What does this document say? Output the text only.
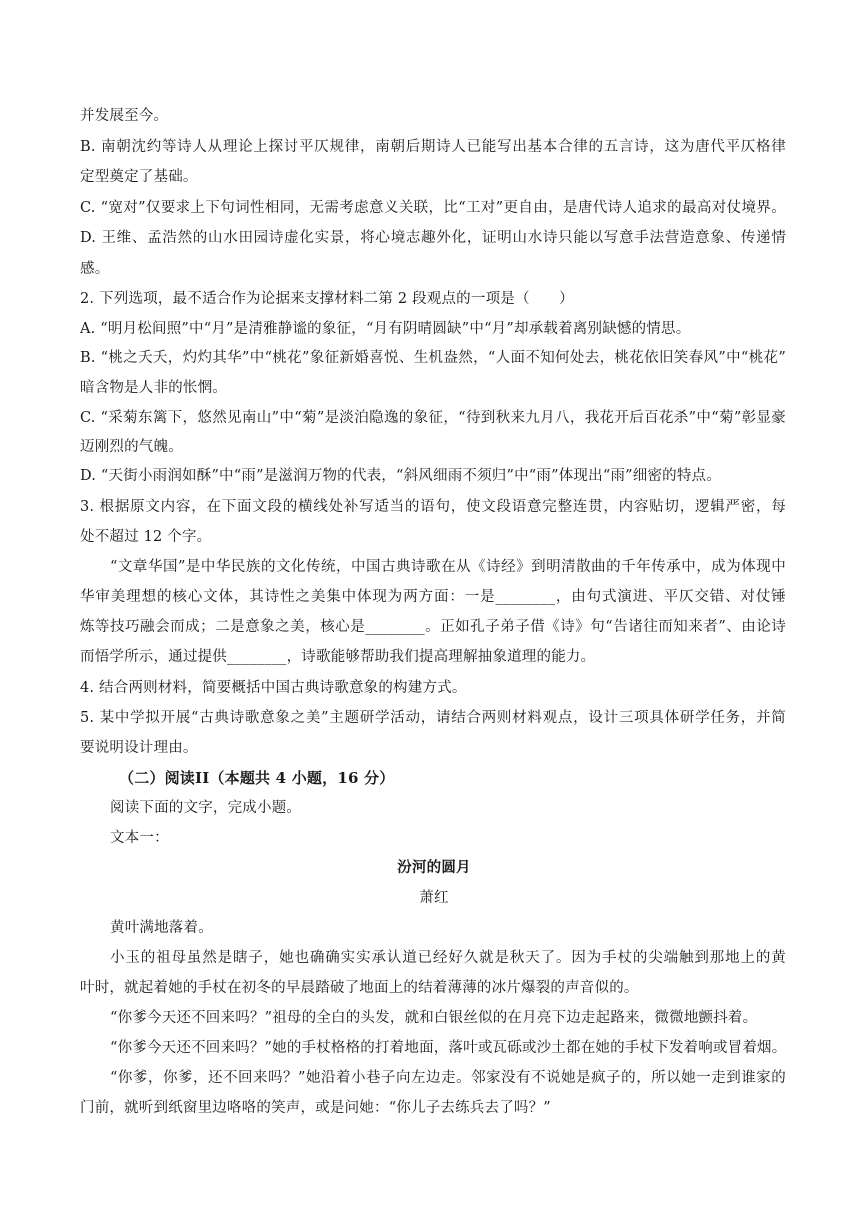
并发展至今。
B. 南朝沈约等诗人从理论上探讨平仄规律，南朝后期诗人已能写出基本合律的五言诗，这为唐代平仄格律
定型奠定了基础。
C. “宽对”仅要求上下句词性相同，无需考虑意义关联，比“工对”更自由，是唐代诗人追求的最高对仗境界。
D. 王维、孟浩然的山水田园诗虚化实景，将心境志趣外化，证明山水诗只能以写意手法营造意象、传递情
感。
2. 下列选项，最不适合作为论据来支撑材料二第 2 段观点的一项是（　　）
A. “明月松间照”中“月”是清雅静谧的象征，“月有阴晴圆缺”中“月”却承载着离别缺憾的情思。
B. “桃之夭夭，灼灼其华”中“桃花”象征新婚喜悦、生机盎然，“人面不知何处去，桃花依旧笑春风”中“桃花”
暗含物是人非的怅惘。
C. “采菊东篱下，悠然见南山”中“菊”是淡泊隐逸的象征，“待到秋来九月八，我花开后百花杀”中“菊”彰显豪
迈刚烈的气魄。
D. “天街小雨润如酥”中“雨”是滋润万物的代表，“斜风细雨不须归”中“雨”体现出“雨”细密的特点。
3. 根据原文内容，在下面文段的横线处补写适当的语句，使文段语意完整连贯，内容贴切，逻辑严密，每
处不超过 12 个字。
“文章华国”是中华民族的文化传统，中国古典诗歌在从《诗经》到明清散曲的千年传承中，成为体现中
华审美理想的核心文体，其诗性之美集中体现为两方面：一是________，由句式演进、平仄交错、对仗锤
炼等技巧融会而成；二是意象之美，核心是________。正如孔子弟子借《诗》句“告诸往而知来者”、由论诗
而悟学所示，通过提供________，诗歌能够帮助我们提高理解抽象道理的能力。
4. 结合两则材料，简要概括中国古典诗歌意象的构建方式。
5. 某中学拟开展“古典诗歌意象之美”主题研学活动，请结合两则材料观点，设计三项具体研学任务，并简
要说明设计理由。
（二）阅读II（本题共 4 小题，16 分）
阅读下面的文字，完成小题。
文本一：
汾河的圆月
萧红
黄叶满地落着。
小玉的祖母虽然是瞎子，她也确确实实承认道已经好久就是秋天了。因为手杖的尖端触到那地上的黄
叶时，就起着她的手杖在初冬的早晨踏破了地面上的结着薄薄的冰片爆裂的声音似的。
“你爹今天还不回来吗？”祖母的全白的头发，就和白银丝似的在月亮下边走起路来，微微地颤抖着。
“你爹今天还不回来吗？”她的手杖格格的打着地面，落叶或瓦砾或沙土都在她的手杖下发着响或冒着烟。
“你爹，你爹，还不回来吗？”她沿着小巷子向左边走。邻家没有不说她是疯子的，所以她一走到谁家的
门前，就听到纸窗里边咯咯的笑声，或是问她：“你儿子去练兵去了吗？”
